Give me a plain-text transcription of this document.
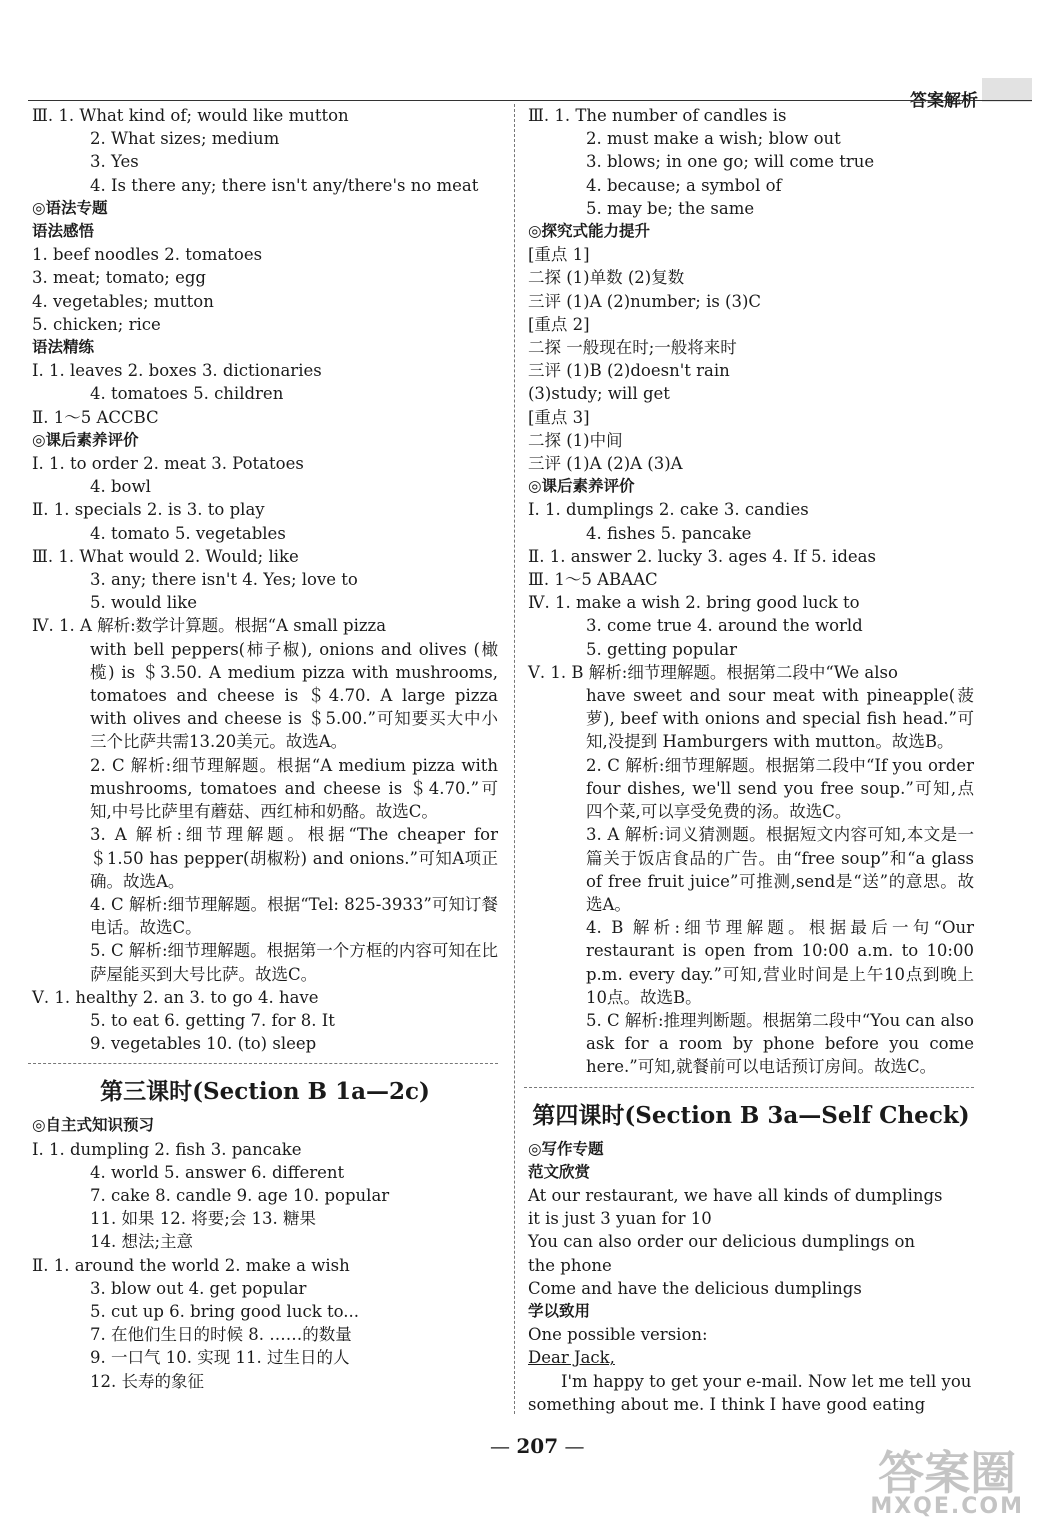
答案解析
Ⅲ. 1. What kind of; would like mutton
2. What sizes; medium
3. Yes
4. Is there any; there isn't any/there's no meat
◎语法专题
语法感悟
1. beef noodles 2. tomatoes
3. meat; tomato; egg
4. vegetables; mutton
5. chicken; rice
语法精练
Ⅰ. 1. leaves 2. boxes 3. dictionaries
4. tomatoes 5. children
Ⅱ. 1～5 ACCBC
◎课后素养评价
Ⅰ. 1. to order 2. meat 3. Potatoes
4. bowl
Ⅱ. 1. specials 2. is 3. to play
4. tomato 5. vegetables
Ⅲ. 1. What would 2. Would; like
3. any; there isn't 4. Yes; love to
5. would like
Ⅳ. 1. A 解析:数学计算题。根据“A small pizza
with bell peppers(柿子椒), onions and olives (橄榄) is ＄3.50. A medium pizza with mushrooms, tomatoes and cheese is ＄4.70. A large pizza with olives and cheese is ＄5.00.”可知要买大中小三个比萨共需13.20美元。故选A。
2. C 解析:细节理解题。根据“A medium pizza with mushrooms, tomatoes and cheese is ＄4.70.”可知,中号比萨里有蘑菇、西红柿和奶酪。故选C。
3. A 解析:细节理解题。根据“The cheaper for ＄1.50 has pepper(胡椒粉) and onions.”可知A项正确。故选A。
4. C 解析:细节理解题。根据“Tel: 825-3933”可知订餐电话。故选C。
5. C 解析:细节理解题。根据第一个方框的内容可知在比萨屋能买到大号比萨。故选C。
Ⅴ. 1. healthy 2. an 3. to go 4. have
5. to eat 6. getting 7. for 8. It
9. vegetables 10. (to) sleep
第三课时(Section B 1a—2c)
◎自主式知识预习
Ⅰ. 1. dumpling 2. fish 3. pancake
4. world 5. answer 6. different
7. cake 8. candle 9. age 10. popular
11. 如果 12. 将要;会 13. 糖果
14. 想法;主意
Ⅱ. 1. around the world 2. make a wish
3. blow out 4. get popular
5. cut up 6. bring good luck to...
7. 在他们生日的时候 8. ……的数量
9. 一口气 10. 实现 11. 过生日的人
12. 长寿的象征
Ⅲ. 1. The number of candles is
2. must make a wish; blow out
3. blows; in one go; will come true
4. because; a symbol of
5. may be; the same
◎探究式能力提升
[重点 1]
二探 (1)单数 (2)复数
三评 (1)A (2)number; is (3)C
[重点 2]
二探 一般现在时;一般将来时
三评 (1)B (2)doesn't rain
(3)study; will get
[重点 3]
二探 (1)中间
三评 (1)A (2)A (3)A
◎课后素养评价
Ⅰ. 1. dumplings 2. cake 3. candies
4. fishes 5. pancake
Ⅱ. 1. answer 2. lucky 3. ages 4. If 5. ideas
Ⅲ. 1～5 ABAAC
Ⅳ. 1. make a wish 2. bring good luck to
3. come true 4. around the world
5. getting popular
Ⅴ. 1. B 解析:细节理解题。根据第二段中“We also
have sweet and sour meat with pineapple(菠萝), beef with onions and special fish head.”可知,没提到 Hamburgers with mutton。故选B。
2. C 解析:细节理解题。根据第二段中“If you order four dishes, we'll send you free soup.”可知,点四个菜,可以享受免费的汤。故选C。
3. A 解析:词义猜测题。根据短文内容可知,本文是一篇关于饭店食品的广告。由“free soup”和“a glass of free fruit juice”可推测,send是“送”的意思。故选A。
4. B 解析:细节理解题。根据最后一句“Our restaurant is open from 10:00 a.m. to 10:00 p.m. every day.”可知,营业时间是上午10点到晚上10点。故选B。
5. C 解析:推理判断题。根据第二段中“You can also ask for a room by phone before you come here.”可知,就餐前可以电话预订房间。故选C。
第四课时(Section B 3a—Self Check)
◎写作专题
范文欣赏
At our restaurant, we have all kinds of dumplings
it is just 3 yuan for 10
You can also order our delicious dumplings on
the phone
Come and have the delicious dumplings
学以致用
One possible version:
Dear Jack,
I'm happy to get your e-mail. Now let me tell you something about me. I think I have good eating
— 207 —	答案圈
MXQE.COM
